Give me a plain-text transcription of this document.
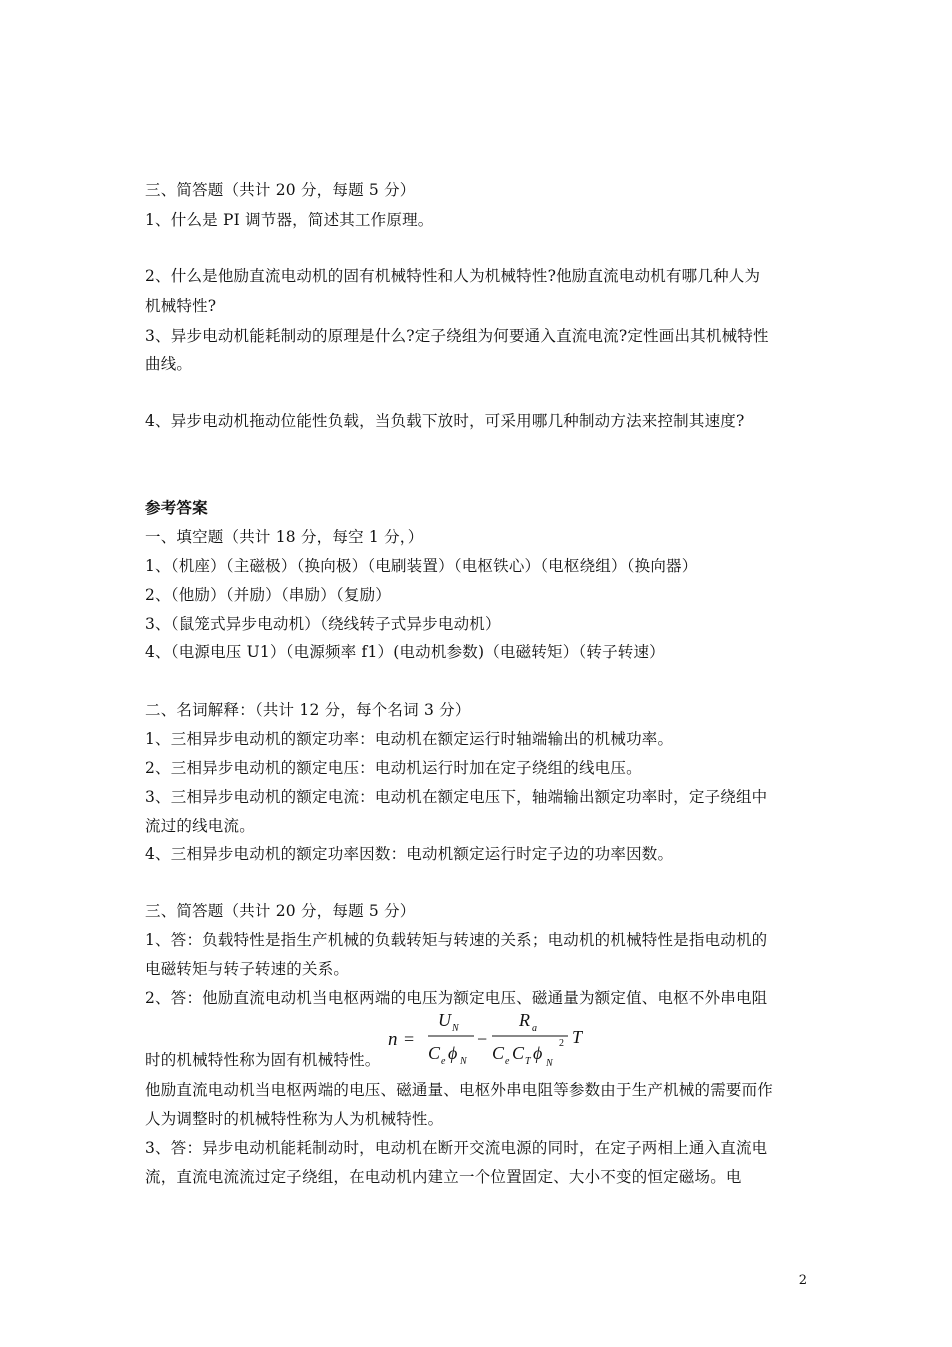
三、简答题（共计 20 分，每题 5 分）
1、什么是 PI 调节器，简述其工作原理。
2、什么是他励直流电动机的固有机械特性和人为机械特性?他励直流电动机有哪几种人为
机械特性?
3、异步电动机能耗制动的原理是什么?定子绕组为何要通入直流电流?定性画出其机械特性
曲线。
4、异步电动机拖动位能性负载，当负载下放时，可采用哪几种制动方法来控制其速度?
参考答案
一、填空题（共计 18 分，每空 1 分，）
1、（机座）（主磁极）（换向极）（电刷装置）（电枢铁心）（电枢绕组）（换向器）
2、（他励）（并励）（串励）（复励）
3、（鼠笼式异步电动机）（绕线转子式异步电动机）
4、（电源电压 U1）（电源频率 f1）(电动机参数)（电磁转矩）（转子转速）
二、名词解释：（共计 12 分，每个名词 3 分）
1、三相异步电动机的额定功率：电动机在额定运行时轴端输出的机械功率。
2、三相异步电动机的额定电压：电动机运行时加在定子绕组的线电压。
3、三相异步电动机的额定电流：电动机在额定电压下，轴端输出额定功率时，定子绕组中
流过的线电流。
4、三相异步电动机的额定功率因数：电动机额定运行时定子边的功率因数。
三、简答题（共计 20 分，每题 5 分）
1、答：负载特性是指生产机械的负载转矩与转速的关系；电动机的机械特性是指电动机的
电磁转矩与转子转速的关系。
2、答：他励直流电动机当电枢两端的电压为额定电压、磁通量为额定值、电枢不外串电阻
n =
U N
C e ϕ N
−
R a
C e C T ϕ
N
2 T
时的机械特性称为固有机械特性。
他励直流电动机当电枢两端的电压、磁通量、电枢外串电阻等参数由于生产机械的需要而作
人为调整时的机械特性称为人为机械特性。
3、答：异步电动机能耗制动时，电动机在断开交流电源的同时，在定子两相上通入直流电
流，直流电流流过定子绕组，在电动机内建立一个位置固定、大小不变的恒定磁场。电
2
